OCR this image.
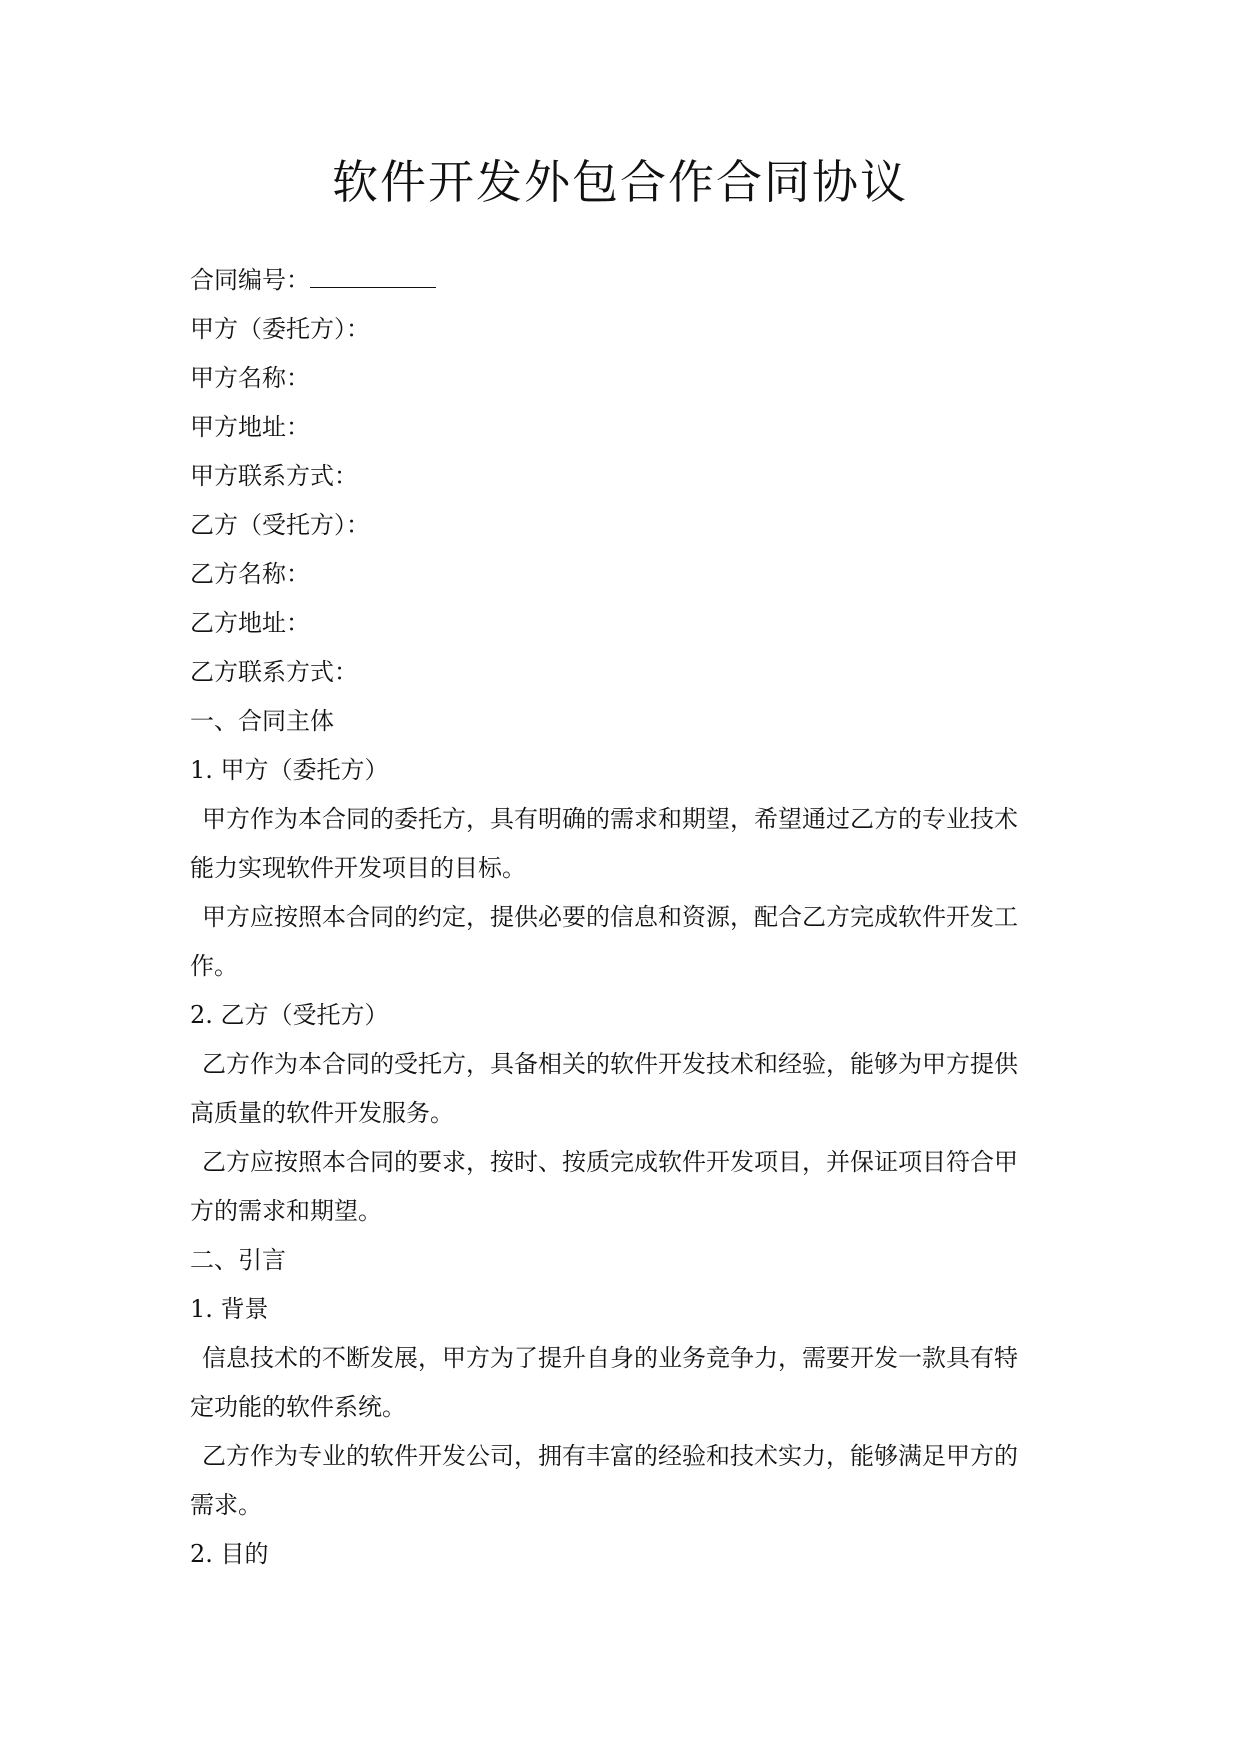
软件开发外包合作合同协议
合同编号：
甲方（委托方）：
甲方名称：
甲方地址：
甲方联系方式：
乙方（受托方）：
乙方名称：
乙方地址：
乙方联系方式：
一、合同主体
1. 甲方（委托方）
甲方作为本合同的委托方，具有明确的需求和期望，希望通过乙方的专业技术
能力实现软件开发项目的目标。
甲方应按照本合同的约定，提供必要的信息和资源，配合乙方完成软件开发工
作。
2. 乙方（受托方）
乙方作为本合同的受托方，具备相关的软件开发技术和经验，能够为甲方提供
高质量的软件开发服务。
乙方应按照本合同的要求，按时、按质完成软件开发项目，并保证项目符合甲
方的需求和期望。
二、引言
1. 背景
信息技术的不断发展，甲方为了提升自身的业务竞争力，需要开发一款具有特
定功能的软件系统。
乙方作为专业的软件开发公司，拥有丰富的经验和技术实力，能够满足甲方的
需求。
2. 目的
